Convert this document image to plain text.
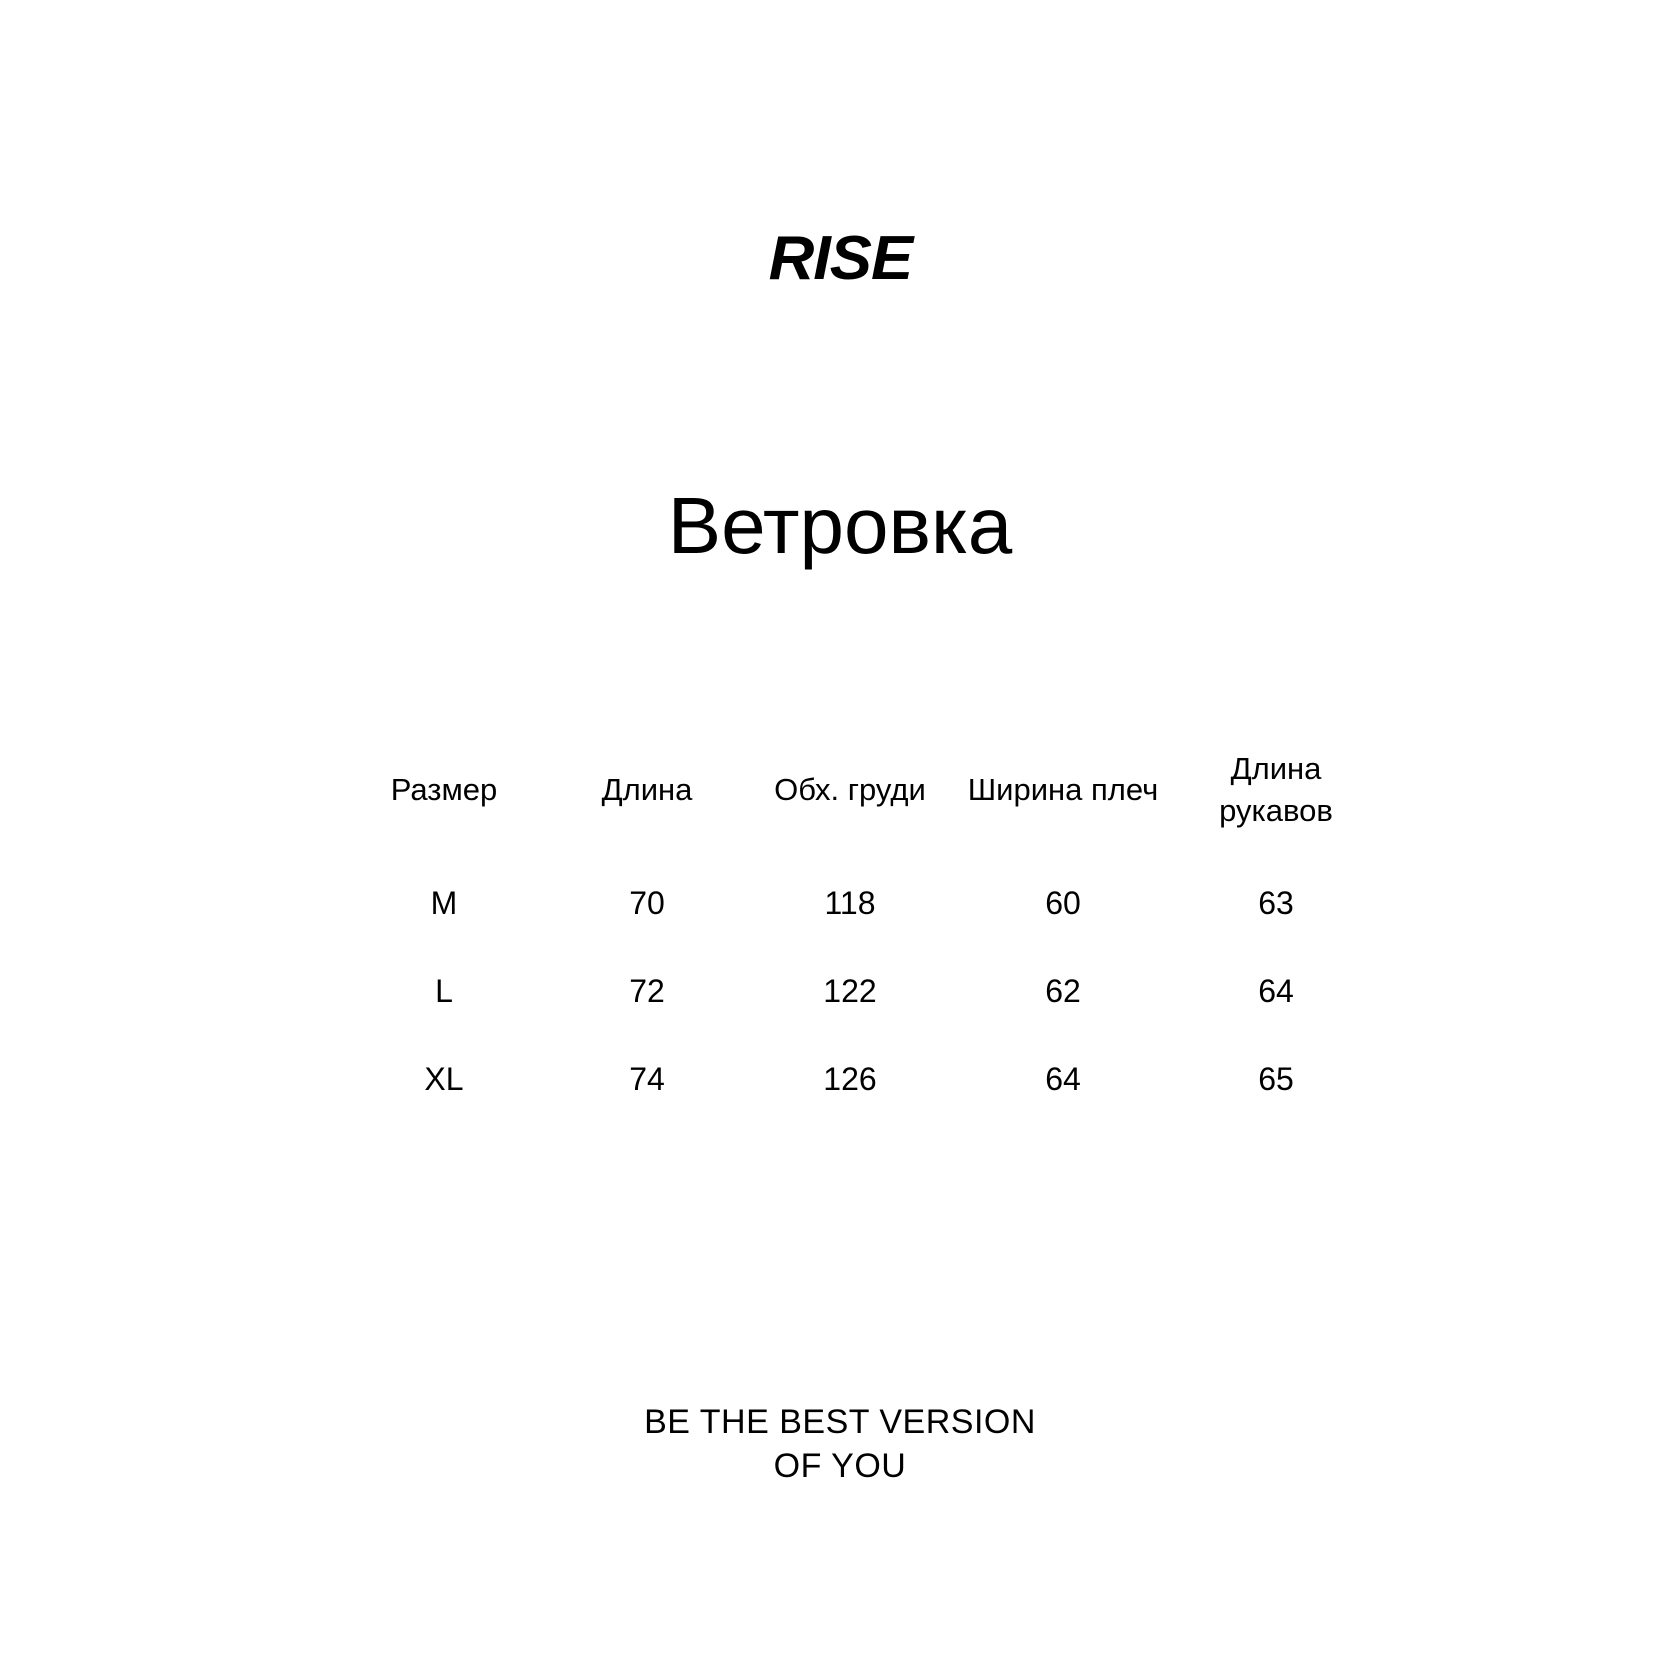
RISE
Ветровка
Размер	Длина	Обх. груди	Ширина плеч	Длина рукавов
M	70	118	60	63
L	72	122	62	64
XL	74	126	64	65
BE THE BEST VERSION
OF YOU
